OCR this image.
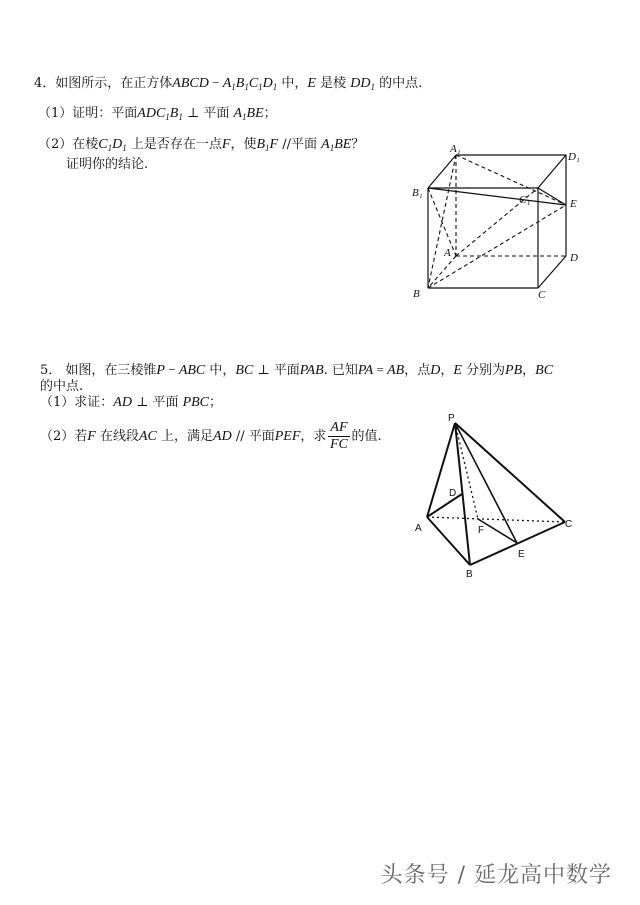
4．如图所示，在正方体ABCD − $A_1B_1C_1D_1$ 中，E 是棱 $DD_1$ 的中点.
（1）证明：平面$ADC_1B_1$ ⊥ 平面 $A_1BE$；
（2）在棱$C_1D_1$ 上是否存在一点F，使$B_1F$ //平面 $A_1BE$？
证明你的结论.
A₁
D₁
B₁
C₁	E
A	D
B	C
5． 如图，在三棱锥P − ABC 中，BC ⊥ 平面PAB. 已知PA = AB，点D，E 分别为PB，BC
的中点.
（1）求证：AD ⊥ 平面 PBC；
（2）若F 在线段AC 上，满足AD // 平面PEF，求 $\frac{AF}{FC}$ 的值.
P
D
A	F
C
E
B
头条号 / 延龙高中数学
